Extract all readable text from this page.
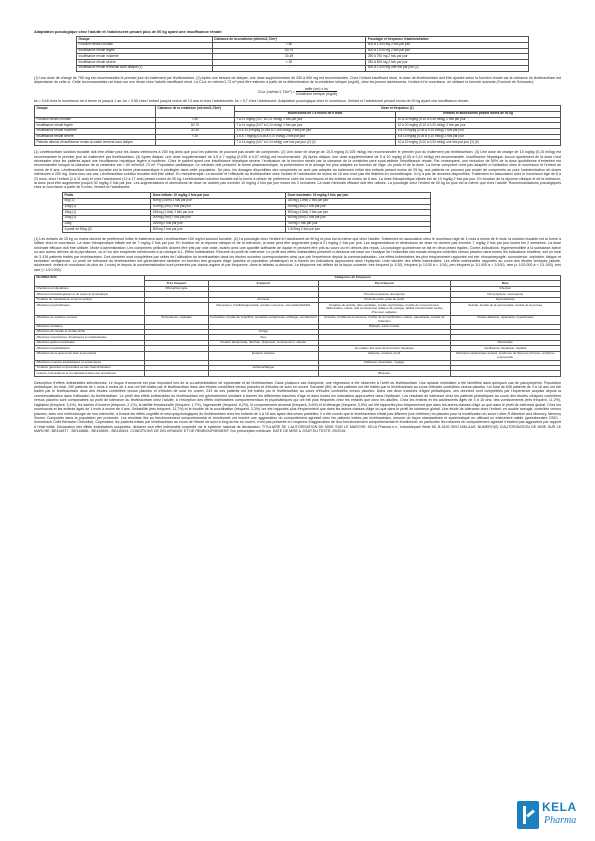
Adaptation posologique chez l'adulte et l'adolescent pesant plus de 50 kg ayant une insuffisance rénale:
Groupe	Clairance de la créatinine (ml/min/1,73m²)	Posologie et fréquence d'administration
Fonction rénale normale	> 80	500 à 1.500 mg 2 fois par jour
Insuffisance rénale légère	50-79	500 à 1.000 mg 2 fois par jour
Insuffisance rénale modérée	30-49	250 à 750 mg 2 fois par jour
Insuffisance rénale sévère	< 30	250 à 500 mg 2 fois par jour
Insuffisance rénale terminale sous dialyse (1)	-	500 à 1.000 mg une fois par jour (2)

(1) Une dose de charge de 750 mg est recommandée le premier jour du traitement par lévétiracétam. (2) Après une séance de dialyse, une dose supplémentaire de 250 à 500 mg est recommandée. Chez l'enfant insuffisant rénal, la dose de lévétiracétam doit être ajustée selon la fonction rénale car la clairance du lévétiracétam est dépendante de celle-ci. Cette recommandation se base sur une étude chez l'adulte insuffisant rénal. La CLcr en ml/min/1,73 m² peut être estimée à partir de la détermination de la créatinine sérique (mg/dl), chez les jeunes adolescents, l'enfant et le nourrisson, en utilisant la formule suivante (Formule de Schwartz):

CLcr $(ml/\min/1,73m^2) = \frac{\text{taille (cm) x ks}}{\text{Créatinine sérique (mg/dl)}}$

ks = 0,45 chez le nourrisson né à terme et jusqu'à 1 an; ks = 0,55 chez l'enfant jusqu'à moins de 13 ans et chez l'adolescente; ks = 0,7 chez l'adolescent. Adaptation posologique chez le nourrisson, l'enfant et l'adolescent pesant moins de 50 kg ayant une insuffisance rénale:

Groupe	Clairance de la créatinine (ml/ min/1,73m²)	Dose et fréquence (1)	
		Nourrissons de 1 à moins de 6 mois	Enfants et adolescents pesant moins de 50 kg
Fonction rénale normale	> 80	7 à 21 mg/kg (0,07 à 0,21 ml/kg) 2 fois par jour	10 à 30 mg/kg (0,10 à 0,30 ml/kg) 2 fois par jour
Insuffisance rénale légère	50-79	7 à 14 mg/kg (0,07 à 0,14 ml/kg) 2 fois par jour	10 à 20 mg/kg (0,10 à 0,20 ml/kg) 2 fois par jour
Insuffisance rénale modérée	30-49	3,5 à 10,5 mg/kg (0,035 à 0,105 ml/kg) 2 fois par jour	5 à 15 mg/kg (0,05 à 0,15 ml/kg) 2 fois par jour
Insuffisance rénale sévère	< 30	3,5 à 7 mg/kg (0,035 à 0,07 ml/kg) 2 fois par jour	5 à 10 mg/kg (0,05 à 0,10 ml/kg) 2 fois par jour
Patients atteints d'insuffisance rénale au stade terminal sous dialyse	-	7 à 14 mg/kg (0,07 à 0,14 ml/kg) une fois par jour (2) (4)	10 à 20 mg/kg (0,10 à 0,20 ml/kg) une fois par jour (3) (5)

(1) Levétiracétam solution buvable doit être utilisé pour les doses inférieures à 250 mg ainsi que pour les patients ne pouvant pas avaler de comprimés. (2) Une dose de charge de 10,5 mg/kg (0,105 ml/kg) est recommandée le premier jour du traitement par lévétiracétam. (3) Une dose de charge de 15 mg/kg (0,15 ml/kg) est recommandée le premier jour du traitement par lévétiracétam. (4) Après dialyse, une dose supplémentaire de 3,5 à 7 mg/kg (0,035 à 0,07 ml/kg) est recommandée. (5) Après dialyse, une dose supplémentaire de 5 à 10 mg/kg (0,05 à 0,10 ml/kg) est recommandée. Insuffisance hépatique: Aucun ajustement de la dose n'est nécessaire chez les patients ayant une insuffisance hépatique légère à modérée. Chez le patient ayant une insuffisance hépatique sévère, l'évaluation de la fonction rénale par la clairance de la créatinine peut sous-estimer l'insuffisance rénale. Par conséquent, une réduction de 50% de la dose quotidienne d'entretien est recommandée lorsque la clairance de la créatinine est < 60 ml/min/1,73 m². Population pédiatrique: Le médecin doit prescrire la forme pharmaceutique, la présentation et le dosage les plus adaptés en fonction de l'âge, du poids et de la dose. La forme comprimé n'est pas adaptée à l'utilisation chez le nourrisson et l'enfant de moins de 6 ans. Lévétiracétam solution buvable est la forme pharmaceutique à privilégier dans cette population. De plus, les dosages disponibles des comprimés ne sont pas adaptés au traitement initial des enfants pesant moins de 25 kg, aux patients ne pouvant pas avaler de comprimés ou pour l'administration de doses inférieures à 250 mg. Dans tous ces cas, Lévétiracétam solution buvable doit être utilisé. En monothérapie: La sécurité et l'efficacité du lévétiracétam chez l'enfant et l'adolescent de moins de 16 ans n'ont pas été établies en monothérapie. Il n'y a pas de données disponibles. Traitement en association chez le nourrisson âgé de 6 à 23 mois, chez l'enfant (2 à 11 ans) et chez l'adolescent (12 à 17 ans) pesant moins de 50 kg: Lévétiracétam solution buvable est la forme à utiliser de préférence chez les nourrissons et les enfants de moins de 6 ans. La dose thérapeutique initiale est de 10 mg/kg 2 fois par jour. En fonction de la réponse clinique et de la tolérance, la dose peut être augmentée jusqu'à 30 mg/kg 2 fois par jour. Les augmentations et diminutions de dose ne doivent pas excéder 10 mg/kg 2 fois par jour toutes les 2 semaines. La dose minimale efficace doit être utilisée. La posologie chez l'enfant de 50 kg ou plus est la même que chez l'adulte. Recommandations posologiques chez le nourrisson à partir de 6 mois, l'enfant et l'adolescent:

Poids	Dose initiale: 10 mg/kg 2 fois par jour	Dose maximale: 30 mg/kg 2 fois par jour
6kg (1)	60mg (0,6ml) 2 fois par jour	180mg (1,8ml) 2 fois par jour
10kg (1)	100mg (1ml) 2 fois par jour	300mg (3ml) 2 fois par jour
15kg (1)	150mg (1,5ml) 2 fois par jour	450mg (4,5ml) 2 fois par jour
20kg (1)	200mg (2ml) 2 fois par jour	600mg (6ml) 2 fois par jour
25kg	250mg 2 fois par jour	750mg 2 fois par jour
A partir de 50kg (2)	500mg 2 fois par jour	1.500mg 2 fois par jour

(1) Les enfants de 25 kg ou moins doivent de préférence initier le traitement avec Lévétiracétam 100 mg/ml solution buvable. (2) La posologie chez l'enfant et l'adolescent de 50 kg et plus est la même que chez l'adulte. Traitement en association chez le nourrisson âgé de 1 mois à moins de 6 mois: la solution buvable est la forme à utiliser chez le nourrisson. La dose thérapeutique initiale est de 7 mg/kg 2 fois par jour. En fonction de la réponse clinique et de la tolérance, la dose peut être augmentée jusqu'à 21 mg/kg 2 fois par jour. Les augmentations et diminutions de dose ne doivent pas excéder 7 mg/kg 2 fois par jour toutes les 2 semaines. La dose minimale efficace doit être utilisée. Mode d'administration: Les comprimés pelliculés doivent être pris par voie orale, avalés avec une quantité suffisante de liquide et peuvent être pris au cours ou en dehors des repas. La posologie quotidienne se fait en deux prises égales. Contre-indications: Hypersensibilité à la substance active ou aux autres dérivés de la pyrrolidone, ou à l'un des excipients mentionnés à la rubrique 6.1. Effets indésirables: Résumé du profil de tolérance: Le profil des effets indésirables présenté ci-dessous est basé sur l'analyse de l'ensemble des essais cliniques contrôlés versus placebo dans toutes les indications étudiées, soit un total de 3 416 patients traités par lévétiracétam. Ces données sont complétées par celles de l'utilisation du lévétiracétam dans les études ouvertes correspondantes ainsi que par l'expérience depuis la commercialisation. Les effets indésirables les plus fréquemment rapportés ont été: rhinopharyngite, somnolence, céphalée, fatigue et sensation vertigineuse. Le profil de tolérance du lévétiracétam est généralement similaire en fonction des groupes d'âge (adultes et population pédiatrique) et à travers les indications approuvées dans l'épilepsie. Liste tabulée des effets indésirables: Les effets indésirables rapportés au cours des études cliniques (adulte, adolescent, enfant et nourrisson de plus de 1 mois) et depuis la commercialisation sont présentés par classe-organe et par fréquence, dans le tableau ci-dessous. La fréquence est définie de la façon suivante: très fréquent (≥ 1/10), fréquent (≥ 1/100 à < 1/10), peu fréquent (≥ 1/1.000 à < 1/100), rare (≥ 1/10.000 à < 1/1.000), très rare (< 1/10.000).

MedDRA SOC	Catégories de fréquence			
	Très fréquent	Fréquent	Peu fréquent	Rare
Infections et infestations	Rhinopharyngite			Infection
Affections hématologiques et du système lymphatique			Thrombocytopénie, leucopénie	Pancytopénie, neutropénie
Troubles du métabolisme et de la nutrition		Anorexie	Perte de poids, prise de poids	Hyponatrémie
Affections psychiatriques		Dépression, hostilité/agressivité, anxiété, insomnie, nervosité/irritabilité	Tentative de suicide, idée suicidaire, trouble psychotique, trouble du comportement, hallucination, colère, état confusionnel, attaque de panique, labilité émotionnelle/ sautes d'humeur, agitation	Suicide, trouble de la personnalité, trouble de la pensée
Affections du système nerveux	Somnolence, céphalée	Convulsion, trouble de l'équilibre, sensation vertigineuse, léthargie, tremblement	Amnésie, trouble de la mémoire, trouble de la coordination / ataxie, paresthésie, trouble de l'attention	Choréo-athétose, dyskinésie, hyperkinésie
Affections oculaires			Diplopie, vision trouble	
Affections de l'oreille et du labyrinthe		Vertige		
Affections respiratoires, thoraciques et médiastinales		Toux		
Affections gastro-intestinales		Douleur abdominale, diarrhée, dyspepsie, vomissement, nausée		Pancréatite
Affections hépatobiliaires			Anomalies des tests de la fonction hépatique	Insuffisance hépatique, hépatite
Affections de la peau et du tissu sous-cutané		Eruption cutanée	Alopécie, eczéma, prurit	Nécrolyse épidermique toxique, syndrome de Stevens-Johnson, érythème polymorphe
Affections musculo-squelettiques et systémiques			Faiblesse musculaire, myalgie	
Troubles généraux et anomalies au site d'administration		Asthénie/fatigue		
Lésions, intoxications et complications liées aux procédures			Blessure	

Description d'effets indésirables sélectionnés: Le risque d'anorexie est plus important lors de la co-administration de topiramate et de lévétiracétam. Dans plusieurs cas d'alopécie, une régression a été observée à l'arrêt du lévétiracétam. Une aplasie médullaire a été identifiée dans quelques cas de pancytopénie. Population pédiatrique: Au total, 190 patients de 1 mois à moins de 4 ans ont été traités par le lévétiracétam dans des études contrôlées versus placebo et d'études de suivi en ouvert. Soixante (60) de ces patients ont été traités par le lévétiracétam au cours d'études contrôlées versus placebo. Un total de 645 patients de 4 à 16 ans ont été traités par le lévétiracétam dans des études contrôlées versus placebo et d'études de suivi en ouvert. 233 de ces patients ont été traités par le lévétiracétam au cours d'études contrôlées versus placebo. Dans ces deux tranches d'âges pédiatriques, ces données sont complétées par l'expérience acquise depuis la commercialisation dans l'utilisation du lévétiracétam. Le profil des effets indésirables du lévétiracétam est généralement similaire à travers les différentes tranches d'âge et dans toutes les indications approuvées dans l'épilepsie. Les résultats de tolérance chez les patients pédiatriques au cours des études cliniques contrôlées versus placebo sont comparables au profil de tolérance du lévétiracétam chez l'adulte, à l'exception des effets indésirables comportementaux et psychiatriques qui ont été plus fréquents chez les enfants que chez les adultes. Chez les enfants et les adolescents âgés de 4 à 16 ans, des vomissements (très fréquent, 11,2%), l'agitation (fréquent, 3,4%), les sautes d'humeur (fréquent, 2,1%), la labilité émotionnelle (fréquent, 1,7%), l'agressivité (fréquent, 8,2%), le comportement anormal (fréquent, 5,6%) et la léthargie (fréquent, 3,9%) ont été rapportés plus fréquemment que dans les autres classes d'âge ou que dans le profil de tolérance global. Chez les nourrissons et les enfants âgés de 1 mois à moins de 4 ans, l'irritabilité (très fréquent, 11,7%) et le trouble de la coordination (fréquent, 3,3%) ont été rapportés plus fréquemment que dans les autres classes d'âge ou que dans le profil de tolérance global. Une étude de tolérance chez l'enfant, en double aveugle, contrôlée versus placebo, avec une méthodologie de non-infériorité, a évalué les effets cognitifs et neuropsychologiques du lévétiracétam chez les enfants de 4 à 16 ans ayant des crises partielles. Il a été conclu que le lévétiracétam n'était pas différent (non inférieur) du placebo pour la modification du score Leiter-R Attention and Memory, Memory Screen Composite dans la population per protocole. Les résultats liés au fonctionnement comportemental et émotionnel ont montré une aggravation du comportement agressif chez les patients traités par lévétiracétam, mesuré de façon standardisée et systématique en utilisant un instrument validé (questionnaire CBCL - Achenbach Child Behavior Checklist). Cependant, les patients traités par lévétiracétam au cours de l'étude de suivi à long terme en ouvert, n'ont pas présenté en moyenne d'aggravation de leur fonctionnement comportemental et émotionnel; en particulier les mesures du comportement agressif n'étaient pas aggravées par rapport à l'état initial. Déclaration des effets indésirables suspectés: déclarez tout effet indésirable suspecté via le système national de déclaration. TITULAIRE DE L'AUTORISATION DE MISE SUR LE MARCHE: KELA Pharma n.v., Industriepark West 68, B-9100 SINT-NIKLAAS. NUMERO(S) D'AUTORISATION DE MISE SUR LE MARCHE: BE416877 - BE416886 - BE416895 - BE416904. CONDITIONS DE DELIVRANCE ET DE REMBOURSEMENT: Sur prescription médicale. DATE DE MISE A JOUR DU TEXTE: 09/2016.

KELA
Pharma
